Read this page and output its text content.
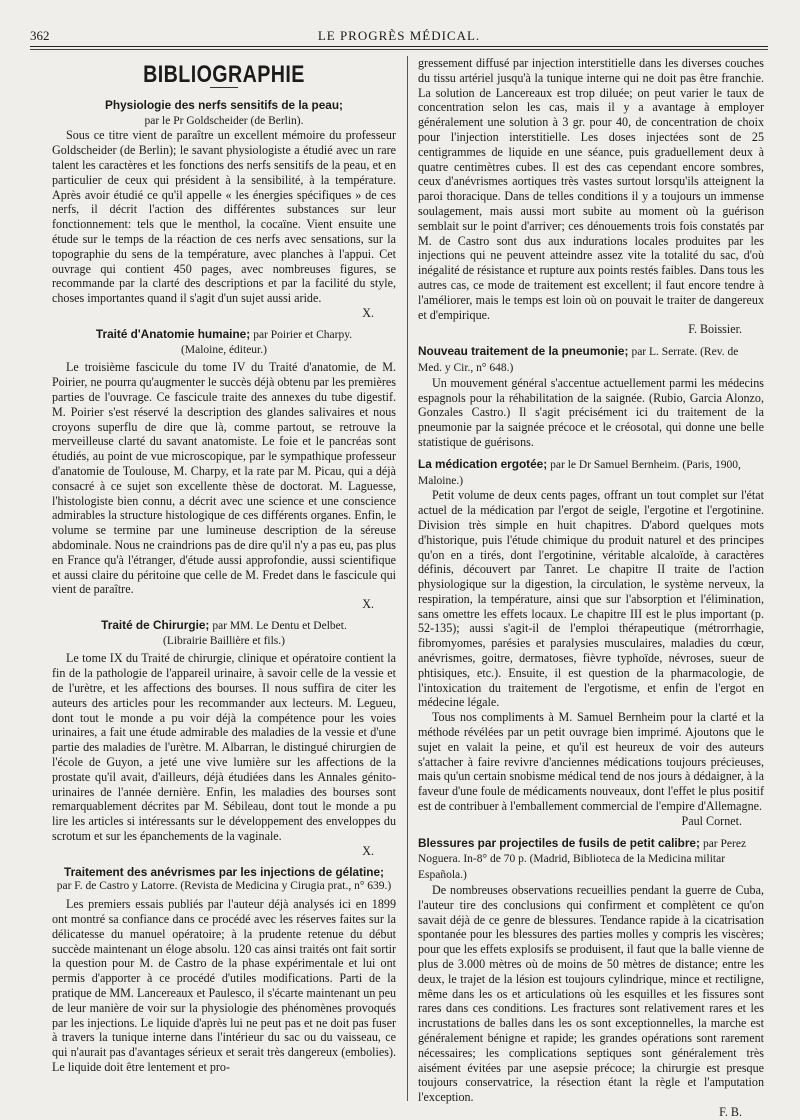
362	LE PROGRÈS MÉDICAL.
BIBLIOGRAPHIE
Physiologie des nerfs sensitifs de la peau;
par le Pr Goldscheider (de Berlin).

Sous ce titre vient de paraître un excellent mémoire du professeur Goldscheider (de Berlin); le savant physiologiste a étudié avec un rare talent les caractères et les fonctions des nerfs sensitifs de la peau, et en particulier de ceux qui président à la sensibilité, à la température. Après avoir étudié ce qu'il appelle « les énergies spécifiques » de ces nerfs, il décrit l'action des différentes substances sur leur fonctionnement: tels que le menthol, la cocaïne. Vient ensuite une étude sur le temps de la réaction de ces nerfs avec sensations, sur la topographie du sens de la température, avec planches à l'appui. Cet ouvrage qui contient 450 pages, avec nombreuses figures, se recommande par la clarté des descriptions et par la facilité du style, choses importantes quand il s'agit d'un sujet aussi aride.

X.
Traité d'Anatomie humaine; par Poirier et Charpy.
(Maloine, éditeur.)

Le troisième fascicule du tome IV du Traité d'anatomie, de M. Poirier, ne pourra qu'augmenter le succès déjà obtenu par les premières parties de l'ouvrage. Ce fascicule traite des annexes du tube digestif. M. Poirier s'est réservé la description des glandes salivaires et nous croyons superflu de dire que là, comme partout, se retrouve la merveilleuse clarté du savant anatomiste. Le foie et le pancréas sont étudiés, au point de vue microscopique, par le sympathique professeur d'anatomie de Toulouse, M. Charpy, et la rate par M. Picau, qui a déjà consacré à ce sujet son excellente thèse de doctorat. M. Laguesse, l'histologiste bien connu, a décrit avec une science et une conscience admirables la structure histologique de ces différents organes. Enfin, le volume se termine par une lumineuse description de la séreuse abdominale. Nous ne craindrions pas de dire qu'il n'y a pas eu, pas plus en France qu'à l'étranger, d'étude aussi approfondie, aussi scientifique et aussi claire du péritoine que celle de M. Fredet dans le fascicule qui vient de paraître.

X.
Traité de Chirurgie; par MM. Le Dentu et Delbet.
(Librairie Baillière et fils.)

Le tome IX du Traité de chirurgie, clinique et opératoire contient la fin de la pathologie de l'appareil urinaire, à savoir celle de la vessie et de l'urètre, et les affections des bourses. Il nous suffira de citer les auteurs des articles pour les recommander aux lecteurs. M. Legueu, dont tout le monde a pu voir déjà la compétence pour les voies urinaires, a fait une étude admirable des maladies de la vessie et d'une partie des maladies de l'urètre. M. Albarran, le distingué chirurgien de l'école de Guyon, a jeté une vive lumière sur les affections de la prostate qu'il avait, d'ailleurs, déjà étudiées dans les Annales génito-urinaires de l'année dernière. Enfin, les maladies des bourses sont remarquablement décrites par M. Sébileau, dont tout le monde a pu lire les articles si intéressants sur le développement des enveloppes du scrotum et sur les épanchements de la vaginale.

X.
Traitement des anévrismes par les injections de gélatine;
par F. de Castro y Latorre. (Revista de Medicina y Cirugia prat., n° 639.)

Les premiers essais publiés par l'auteur déjà analysés ici en 1899 ont montré sa confiance dans ce procédé avec les réserves faites sur la délicatesse du manuel opératoire; à la prudente retenue du début succède maintenant un éloge absolu. 120 cas ainsi traités ont fait sortir la question pour M. de Castro de la phase expérimentale et lui ont permis d'apporter à ce procédé d'utiles modifications. Parti de la pratique de MM. Lancereaux et Paulesco, il s'écarte maintenant un peu de leur manière de voir sur la physiologie des phénomènes provoqués par les injections. Le liquide d'après lui ne peut pas et ne doit pas fuser à travers la tunique interne dans l'intérieur du sac ou du vaisseau, ce qui n'aurait pas d'avantages sérieux et serait très dangereux (embolies). Le liquide doit être lentement et pro-

gressement diffusé par injection interstitielle dans les diverses couches du tissu artériel jusqu'à la tunique interne qui ne doit pas être franchie. La solution de Lancereaux est trop diluée; on peut varier le taux de concentration selon les cas, mais il y a avantage à employer généralement une solution à 3 gr. pour 40, de concentration de choix pour l'injection interstitielle. Les doses injectées sont de 25 centigrammes de liquide en une séance, puis graduellement deux à quatre centimètres cubes. Il est des cas cependant encore sombres, ceux d'anévrismes aortiques très vastes surtout lorsqu'ils atteignent la paroi thoracique. Dans de telles conditions il y a toujours un immense soulagement, mais aussi mort subite au moment où la guérison semblait sur le point d'arriver; ces dénouements trois fois constatés par M. de Castro sont dus aux indurations locales produites par les injections qui ne peuvent atteindre assez vite la totalité du sac, d'où inégalité de résistance et rupture aux points restés faibles. Dans tous les autres cas, ce mode de traitement est excellent; il faut encore tendre à l'améliorer, mais le temps est loin où on pouvait le traiter de dangereux et d'empirique.

F. Boissier.
Nouveau traitement de la pneumonie; par L. Serrate. (Rev. de Med. y Cir., n° 648.)

Un mouvement général s'accentue actuellement parmi les médecins espagnols pour la réhabilitation de la saignée. (Rubio, Garcia Alonzo, Gonzales Castro.) Il s'agit précisément ici du traitement de la pneumonie par la saignée précoce et le créosotal, qui donne une belle statistique de guérisons.

La médication ergotée; par le Dr Samuel Bernheim. (Paris, 1900, Maloine.)

Petit volume de deux cents pages, offrant un tout complet sur l'état actuel de la médication par l'ergot de seigle, l'ergotine et l'ergotinine. Division très simple en huit chapitres. D'abord quelques mots d'historique, puis l'étude chimique du produit naturel et des principes qu'on en a tirés, dont l'ergotinine, véritable alcaloïde, à caractères définis, découvert par Tanret. Le chapitre II traite de l'action physiologique sur la digestion, la circulation, le système nerveux, la respiration, la température, ainsi que sur l'absorption et l'élimination, sans omettre les effets locaux. Le chapitre III est le plus important (p. 52-135); aussi s'agit-il de l'emploi thérapeutique (métrorrhagie, fibromyomes, parésies et paralysies musculaires, maladies du cœur, anévrismes, goitre, dermatoses, fièvre typhoïde, névroses, sueur de phtisiques, etc.). Ensuite, il est question de la pharmacologie, de l'intoxication du traitement de l'ergotisme, et enfin de l'ergot en médecine légale.

Tous nos compliments à M. Samuel Bernheim pour la clarté et la méthode révélées par un petit ouvrage bien imprimé. Ajoutons que le sujet en valait la peine, et qu'il est heureux de voir des auteurs s'attacher à faire revivre d'anciennes médications toujours précieuses, mais qu'un certain snobisme médical tend de nos jours à dédaigner, à la faveur d'une foule de médicaments nouveaux, dont l'effet le plus positif est de contribuer à l'emballement commercial de l'empire d'Allemagne.

Paul Cornet.
Blessures par projectiles de fusils de petit calibre; par Perez Noguera. In-8° de 70 p. (Madrid, Biblioteca de la Medicina militar Española.)

De nombreuses observations recueillies pendant la guerre de Cuba, l'auteur tire des conclusions qui confirment et complètent ce qu'on savait déjà de ce genre de blessures. Tendance rapide à la cicatrisation spontanée pour les blessures des parties molles y compris les viscères; pour que les effets explosifs se produisent, il faut que la balle vienne de plus de 3.000 mètres où de moins de 50 mètres de distance; entre les deux, le trajet de la lésion est toujours cylindrique, mince et rectiligne, même dans les os et articulations où les esquilles et les fissures sont rares dans ces conditions. Les fractures sont relativement rares et les incrustations de balles dans les os sont exceptionnelles, la marche est généralement bénigne et rapide; les grandes opérations sont rarement nécessaires; les complications septiques sont généralement très aisément évitées par une asepsie précoce; la chirurgie est presque toujours conservatrice, la résection étant la règle et l'amputation l'exception.

F. B.
